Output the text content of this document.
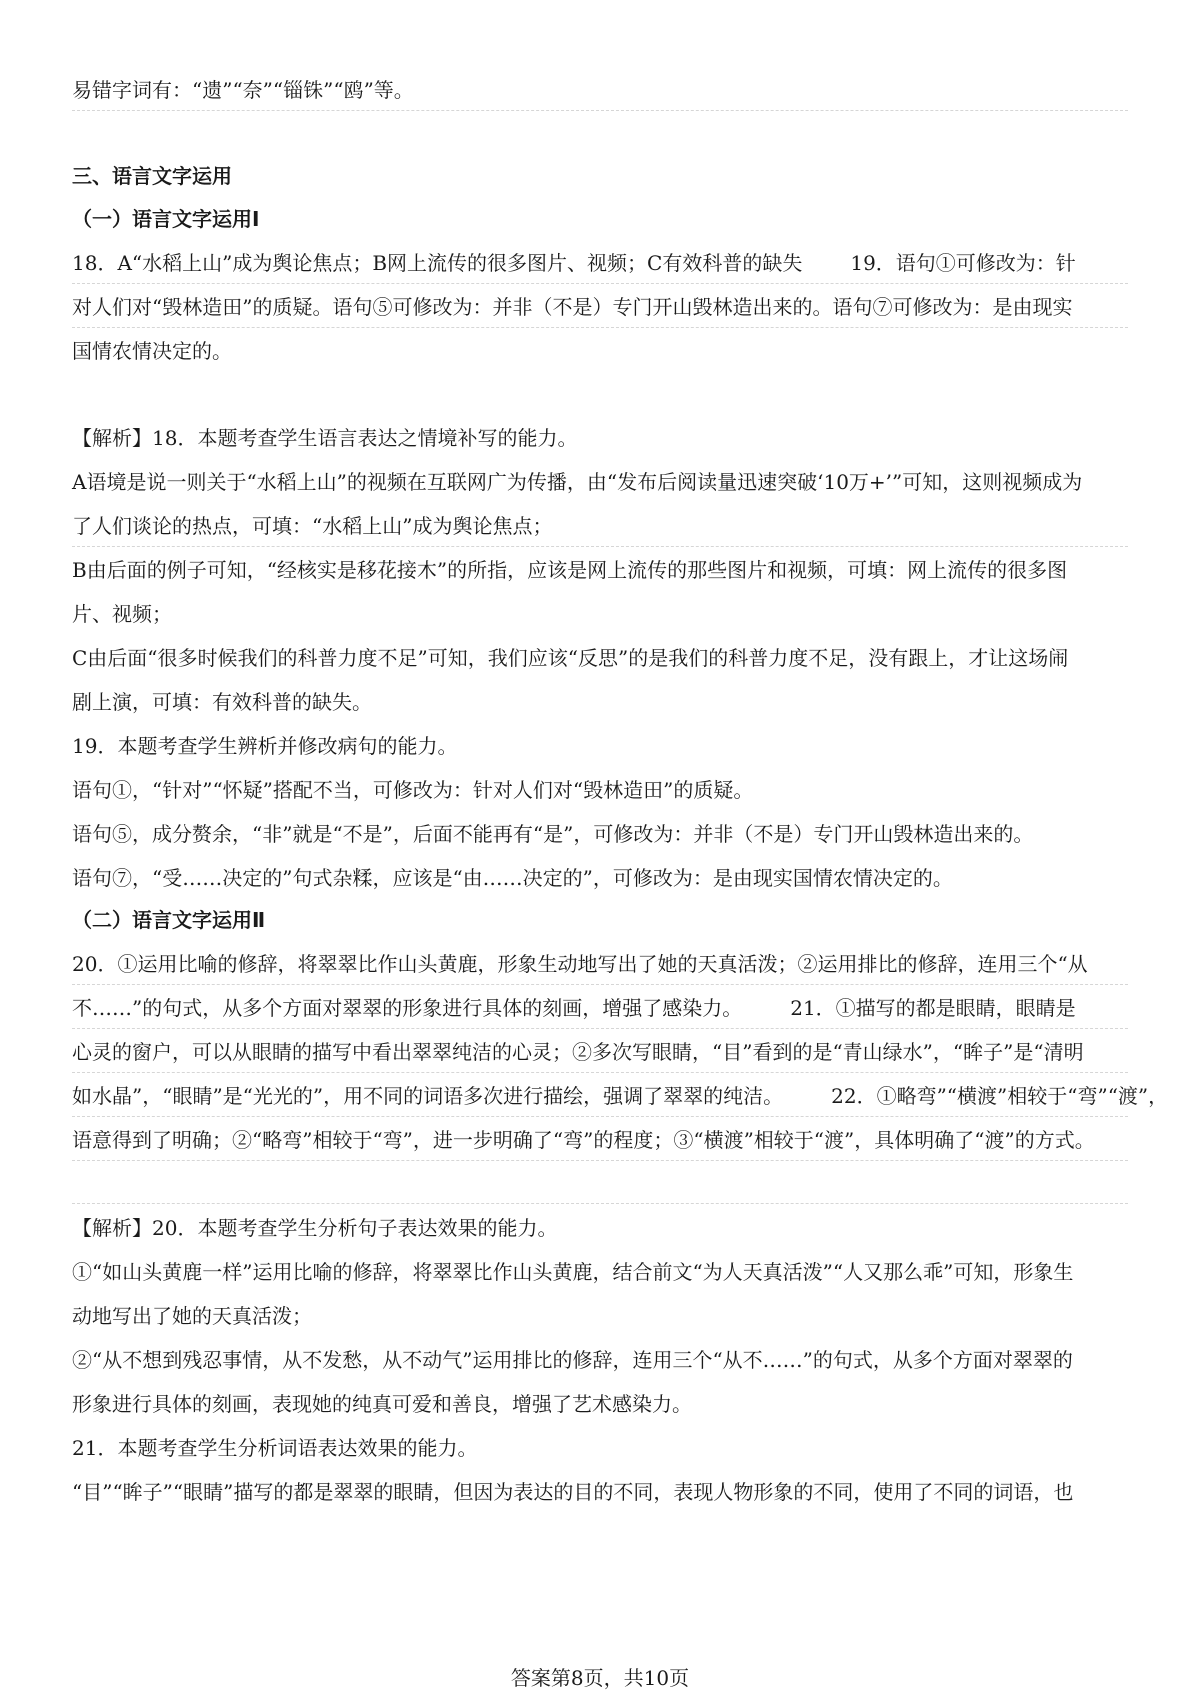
易错字词有：“遗”“奈”“锱铢”“鸥”等。

三、语言文字运用

（一）语言文字运用Ⅰ

18．A“水稻上山”成为舆论焦点；B网上流传的很多图片、视频；C有效科普的缺失 19．语句①可修改为：针

对人们对“毁林造田”的质疑。语句⑤可修改为：并非（不是）专门开山毁林造出来的。语句⑦可修改为：是由现实

国情农情决定的。

【解析】18．本题考查学生语言表达之情境补写的能力。

A语境是说一则关于“水稻上山”的视频在互联网广为传播，由“发布后阅读量迅速突破‘10万+’”可知，这则视频成为

了人们谈论的热点，可填：“水稻上山”成为舆论焦点；

B由后面的例子可知，“经核实是移花接木”的所指，应该是网上流传的那些图片和视频，可填：网上流传的很多图

片、视频；

C由后面“很多时候我们的科普力度不足”可知，我们应该“反思”的是我们的科普力度不足，没有跟上，才让这场闹

剧上演，可填：有效科普的缺失。

19．本题考查学生辨析并修改病句的能力。

语句①，“针对”“怀疑”搭配不当，可修改为：针对人们对“毁林造田”的质疑。

语句⑤，成分赘余，“非”就是“不是”，后面不能再有“是”，可修改为：并非（不是）专门开山毁林造出来的。

语句⑦，“受……决定的”句式杂糅，应该是“由……决定的”，可修改为：是由现实国情农情决定的。

（二）语言文字运用Ⅱ

20．①运用比喻的修辞，将翠翠比作山头黄鹿，形象生动地写出了她的天真活泼；②运用排比的修辞，连用三个“从

不……”的句式，从多个方面对翠翠的形象进行具体的刻画，增强了感染力。 21．①描写的都是眼睛，眼睛是

心灵的窗户，可以从眼睛的描写中看出翠翠纯洁的心灵；②多次写眼睛，“目”看到的是“青山绿水”，“眸子”是“清明

如水晶”，“眼睛”是“光光的”，用不同的词语多次进行描绘，强调了翠翠的纯洁。 22．①略弯”“横渡”相较于“弯”“渡”，

语意得到了明确；②“略弯”相较于“弯”，进一步明确了“弯”的程度；③“横渡”相较于“渡”，具体明确了“渡”的方式。

【解析】20．本题考查学生分析句子表达效果的能力。

①“如山头黄鹿一样”运用比喻的修辞，将翠翠比作山头黄鹿，结合前文“为人天真活泼”“人又那么乖”可知，形象生

动地写出了她的天真活泼；

②“从不想到残忍事情，从不发愁，从不动气”运用排比的修辞，连用三个“从不……”的句式，从多个方面对翠翠的

形象进行具体的刻画，表现她的纯真可爱和善良，增强了艺术感染力。

21．本题考查学生分析词语表达效果的能力。

“目”“眸子”“眼睛”描写的都是翠翠的眼睛，但因为表达的目的不同，表现人物形象的不同，使用了不同的词语，也

答案第8页，共10页
